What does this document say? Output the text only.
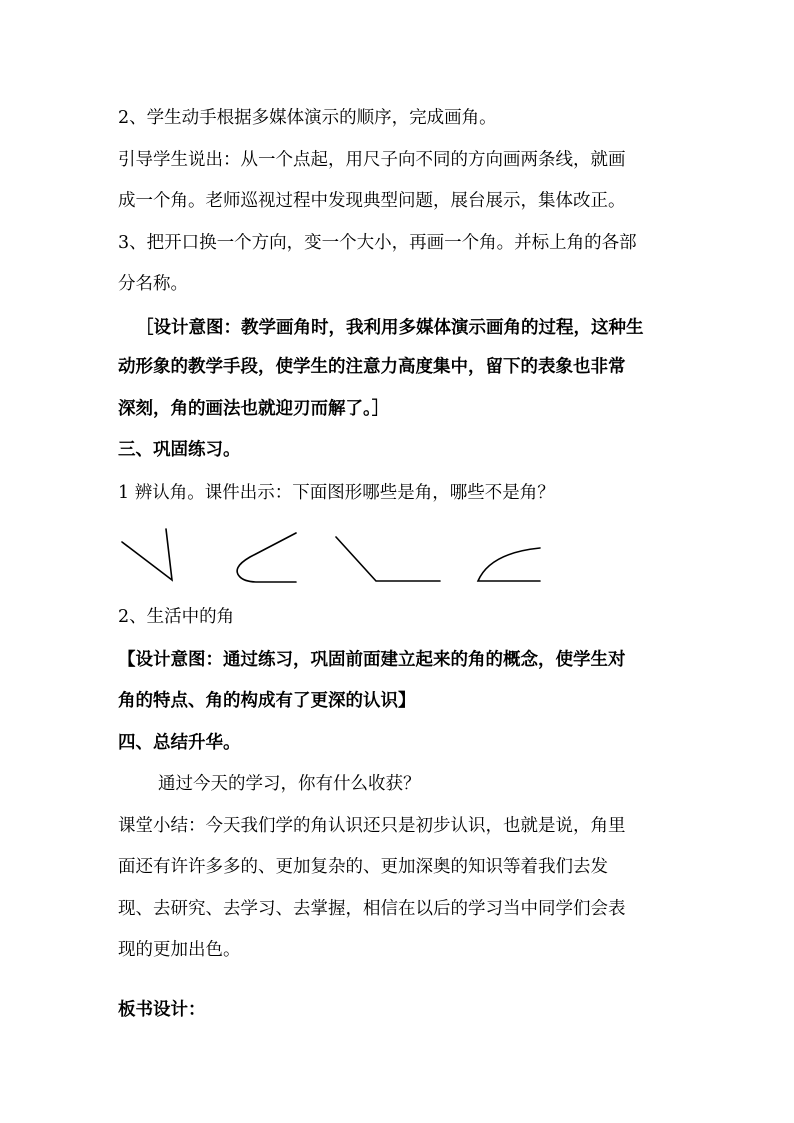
2、学生动手根据多媒体演示的顺序，完成画角。
引导学生说出：从一个点起，用尺子向不同的方向画两条线，就画
成一个角。老师巡视过程中发现典型问题，展台展示，集体改正。
3、把开口换一个方向，变一个大小，再画一个角。并标上角的各部
分名称。
［设计意图：教学画角时，我利用多媒体演示画角的过程，这种生
动形象的教学手段，使学生的注意力高度集中，留下的表象也非常
深刻，角的画法也就迎刃而解了。］
三、巩固练习。
1 辨认角。课件出示：下面图形哪些是角，哪些不是角？
2、生活中的角
【设计意图：通过练习，巩固前面建立起来的角的概念，使学生对
角的特点、角的构成有了更深的认识】
四、总结升华。
通过今天的学习，你有什么收获？
课堂小结：今天我们学的角认识还只是初步认识，也就是说，角里
面还有许许多多的、更加复杂的、更加深奥的知识等着我们去发
现、去研究、去学习、去掌握，相信在以后的学习当中同学们会表
现的更加出色。
板书设计：
